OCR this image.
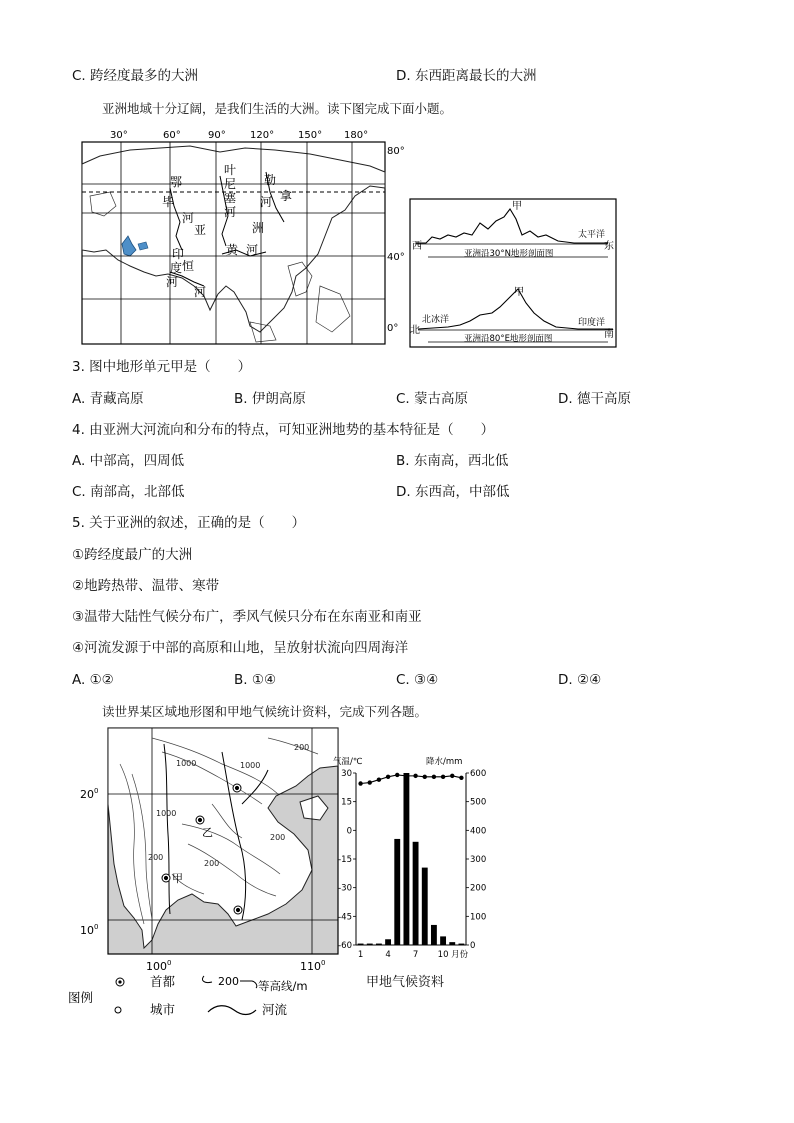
C. 跨经度最多的大洲	D. 东西距离最长的大洲
亚洲地域十分辽阔，是我们生活的大洲。读下图完成下面小题。
30°	60°	90° 120° 150° 180°
80°
40°
0°
鄂
毕
河
亚
叶
尼
塞
河
勒
拿
河
洲
黄 河
印
度
河
恒
河
甲
西
太平洋
东
亚洲沿30°N地形剖面图
甲
北
北冰洋	印度洋
南
亚洲沿80°E地形剖面图
3. 图中地形单元甲是（　　）
A. 青藏高原	B. 伊朗高原	C. 蒙古高原	D. 德干高原
4. 由亚洲大河流向和分布的特点，可知亚洲地势的基本特征是（　　）
A. 中部高，四周低	B. 东南高，西北低
C. 南部高，北部低	D. 东西高，中部低
5. 关于亚洲的叙述，正确的是（　　）
①跨经度最广的大洲
②地跨热带、温带、寒带
③温带大陆性气候分布广，季风气候只分布在东南亚和南亚
④河流发源于中部的高原和山地，呈放射状流向四周海洋
A. ①②	B. ①④	C. ③④	D. ②④
读世界某区域地形图和甲地气候统计资料，完成下列各题。
1000	1000
200
1000
200
200
200
乙
甲
$20^0$
$10^0$
$100^0$	$110^0$
图例
首都	200 等高线/m
城市	河流
气温/℃	降水/mm
30
15
0
-15
-30
-45
-60
600
500
400
300
200
100
0
1	4	7 10 月份
甲地气候资料
